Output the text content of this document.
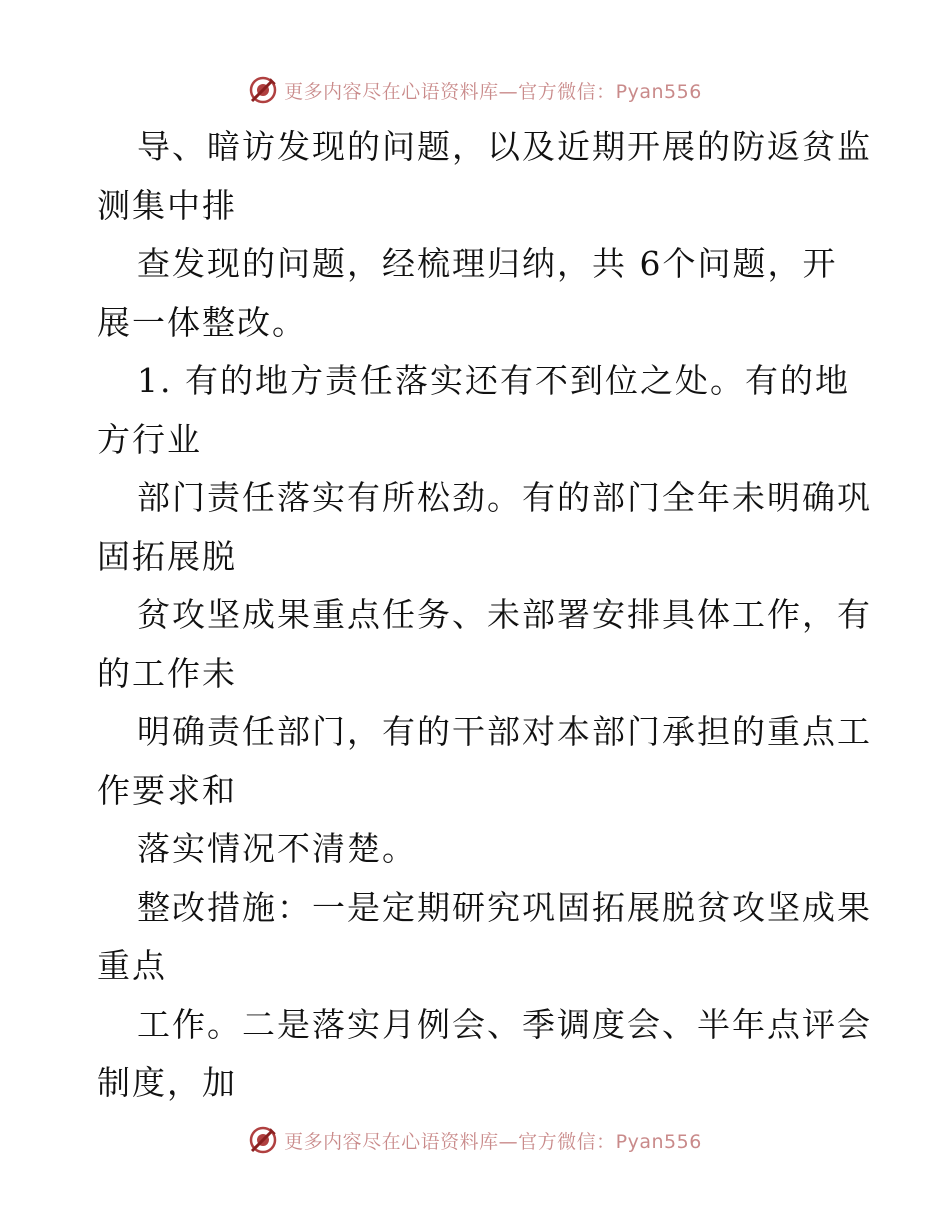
更多内容尽在心语资料库—官方微信：Pyan556
导、暗访发现的问题，以及近期开展的防返贫监
测集中排
查发现的问题，经梳理归纳，共 6个问题，开
展一体整改。
1. 有的地方责任落实还有不到位之处。有的地
方行业
部门责任落实有所松劲。有的部门全年未明确巩
固拓展脱
贫攻坚成果重点任务、未部署安排具体工作，有
的工作未
明确责任部门，有的干部对本部门承担的重点工
作要求和
落实情况不清楚。
整改措施：一是定期研究巩固拓展脱贫攻坚成果
重点
工作。二是落实月例会、季调度会、半年点评会
制度，加
更多内容尽在心语资料库—官方微信：Pyan556
